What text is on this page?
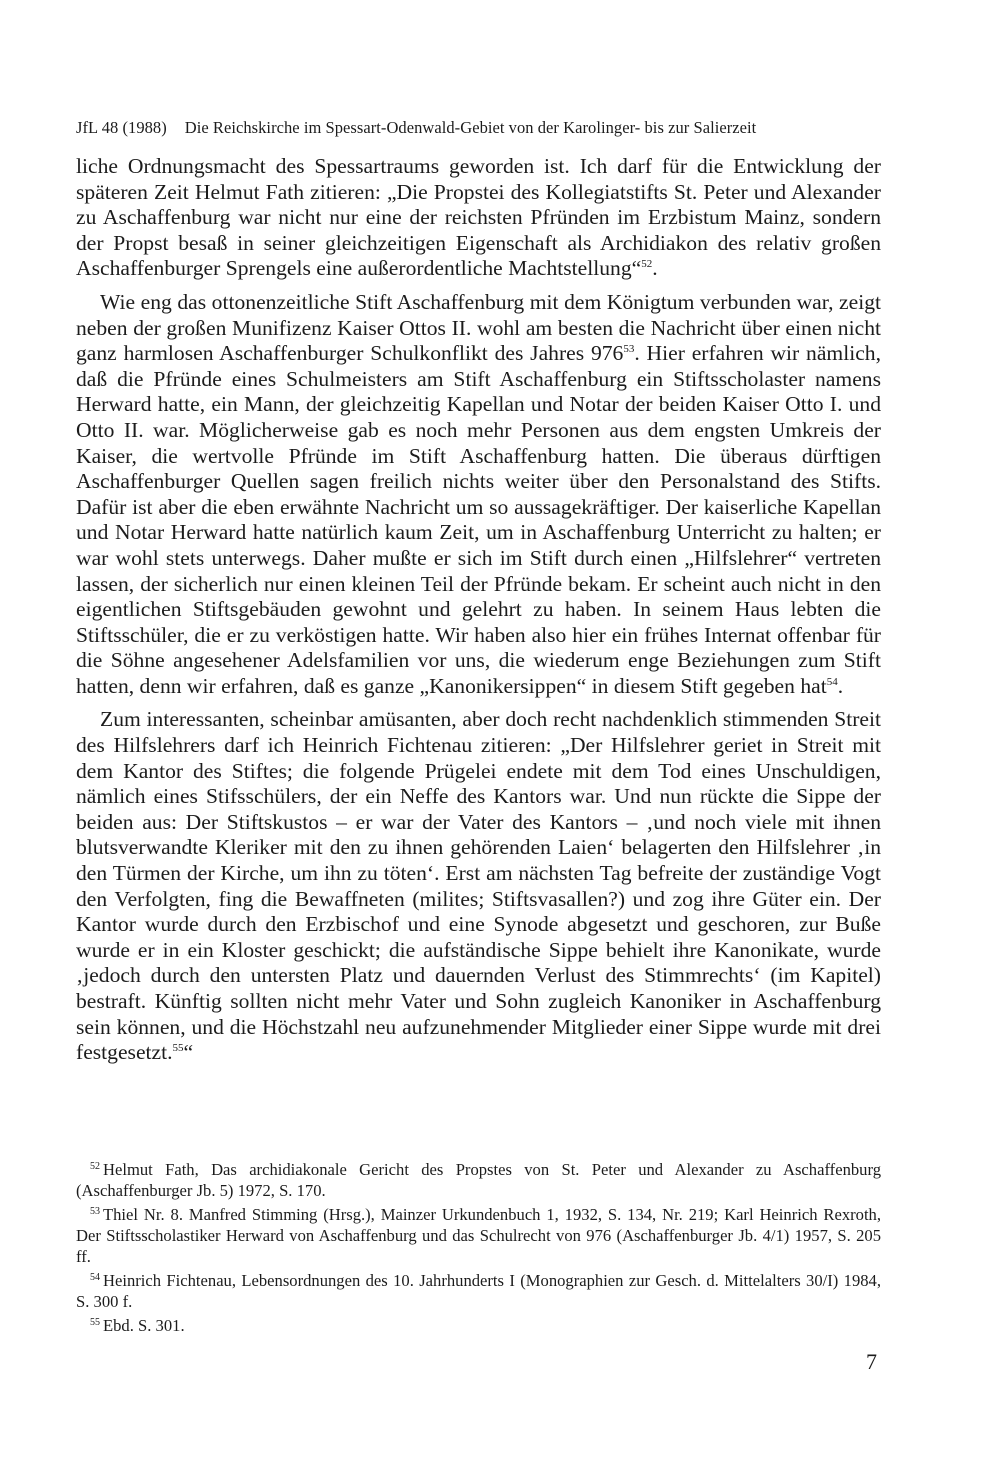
JfL 48 (1988) Die Reichskirche im Spessart-Odenwald-Gebiet von der Karolinger- bis zur Salierzeit

liche Ordnungsmacht des Spessartraums geworden ist. Ich darf für die Entwicklung der späteren Zeit Helmut Fath zitieren: „Die Propstei des Kollegiatstifts St. Peter und Alexander zu Aschaffenburg war nicht nur eine der reichsten Pfründen im Erzbistum Mainz, sondern der Propst besaß in seiner gleichzeitigen Eigenschaft als Archidiakon des relativ großen Aschaffenburger Sprengels eine außerordentliche Machtstellung“$^{52}$.

Wie eng das ottonenzeitliche Stift Aschaffenburg mit dem Königtum verbunden war, zeigt neben der großen Munifizenz Kaiser Ottos II. wohl am besten die Nachricht über einen nicht ganz harmlosen Aschaffenburger Schulkonflikt des Jahres 976$^{53}$. Hier erfahren wir nämlich, daß die Pfründe eines Schulmeisters am Stift Aschaffenburg ein Stiftsscholaster namens Herward hatte, ein Mann, der gleichzeitig Kapellan und Notar der beiden Kaiser Otto I. und Otto II. war. Möglicherweise gab es noch mehr Personen aus dem engsten Umkreis der Kaiser, die wertvolle Pfründe im Stift Aschaffenburg hatten. Die überaus dürftigen Aschaffenburger Quellen sagen freilich nichts weiter über den Personalstand des Stifts. Dafür ist aber die eben erwähnte Nachricht um so aussagekräftiger. Der kaiserliche Kapellan und Notar Herward hatte natürlich kaum Zeit, um in Aschaffenburg Unterricht zu halten; er war wohl stets unterwegs. Daher mußte er sich im Stift durch einen „Hilfslehrer“ vertreten lassen, der sicherlich nur einen kleinen Teil der Pfründe bekam. Er scheint auch nicht in den eigentlichen Stiftsgebäuden gewohnt und gelehrt zu haben. In seinem Haus lebten die Stiftsschüler, die er zu verköstigen hatte. Wir haben also hier ein frühes Internat offenbar für die Söhne angesehener Adelsfamilien vor uns, die wiederum enge Beziehungen zum Stift hatten, denn wir erfahren, daß es ganze „Kanonikersippen“ in diesem Stift gegeben hat$^{54}$.

Zum interessanten, scheinbar amüsanten, aber doch recht nachdenklich stimmenden Streit des Hilfslehrers darf ich Heinrich Fichtenau zitieren: „Der Hilfslehrer geriet in Streit mit dem Kantor des Stiftes; die folgende Prügelei endete mit dem Tod eines Unschuldigen, nämlich eines Stifsschülers, der ein Neffe des Kantors war. Und nun rückte die Sippe der beiden aus: Der Stiftskustos – er war der Vater des Kantors – ‚und noch viele mit ihnen blutsverwandte Kleriker mit den zu ihnen gehörenden Laien‘ belagerten den Hilfslehrer ‚in den Türmen der Kirche, um ihn zu töten‘. Erst am nächsten Tag befreite der zuständige Vogt den Verfolgten, fing die Bewaffneten (milites; Stiftsvasallen?) und zog ihre Güter ein. Der Kantor wurde durch den Erzbischof und eine Synode abgesetzt und geschoren, zur Buße wurde er in ein Kloster geschickt; die aufständische Sippe behielt ihre Kanonikate, wurde ‚jedoch durch den untersten Platz und dauernden Verlust des Stimmrechts‘ (im Kapitel) bestraft. Künftig sollten nicht mehr Vater und Sohn zugleich Kanoniker in Aschaffenburg sein können, und die Höchstzahl neu aufzunehmender Mitglieder einer Sippe wurde mit drei festgesetzt.$^{55}$“

$^{52}$ Helmut Fath, Das archidiakonale Gericht des Propstes von St. Peter und Alexander zu Aschaffenburg (Aschaffenburger Jb. 5) 1972, S. 170.

$^{53}$ Thiel Nr. 8. Manfred Stimming (Hrsg.), Mainzer Urkundenbuch 1, 1932, S. 134, Nr. 219; Karl Heinrich Rexroth, Der Stiftsscholastiker Herward von Aschaffenburg und das Schulrecht von 976 (Aschaffenburger Jb. 4/1) 1957, S. 205 ff.

$^{54}$ Heinrich Fichtenau, Lebensordnungen des 10. Jahrhunderts I (Monographien zur Gesch. d. Mittelalters 30/I) 1984, S. 300 f.

$^{55}$ Ebd. S. 301.

7
